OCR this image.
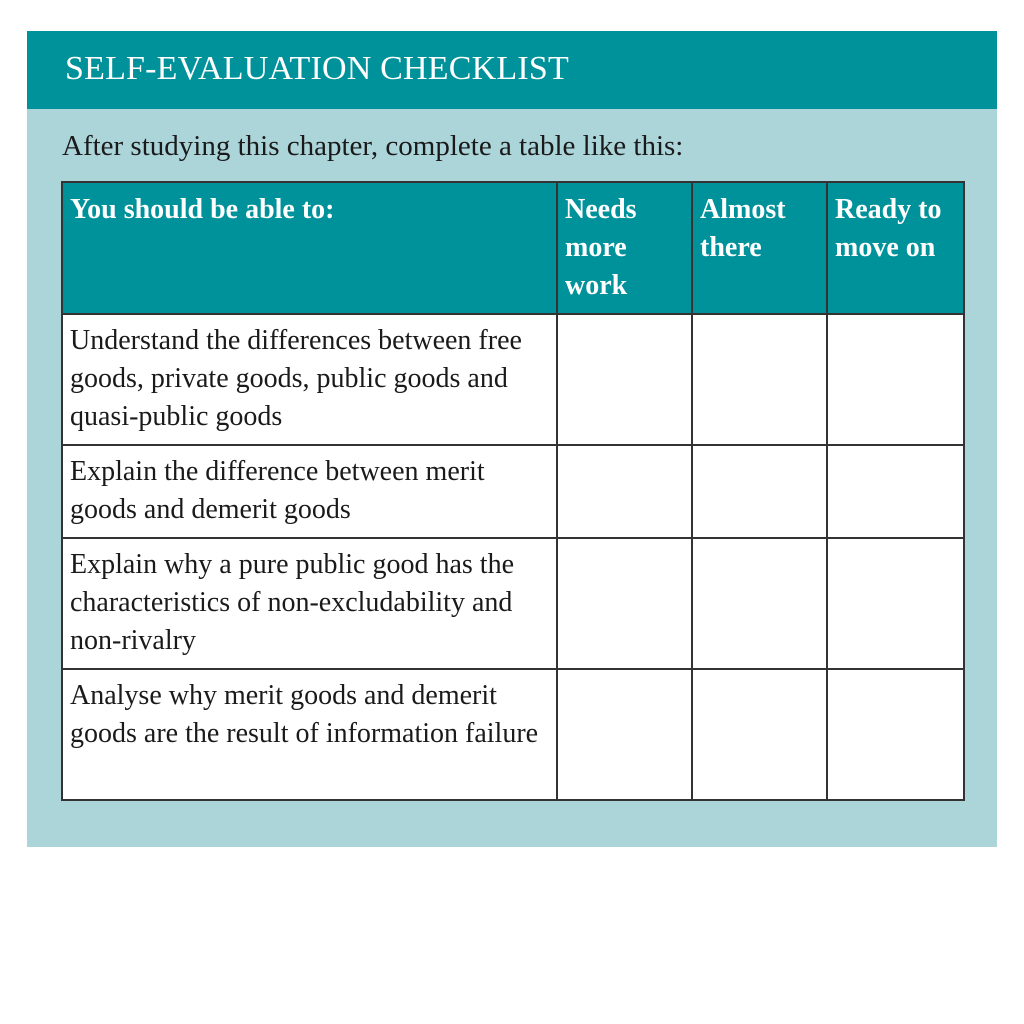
SELF-EVALUATION CHECKLIST

After studying this chapter, complete a table like this:

You should be able to:	Needs more work	Almost there	Ready to move on
Understand the differences between free goods, private goods, public goods and quasi-public goods			
Explain the difference between merit goods and demerit goods			
Explain why a pure public good has the characteristics of non-excludability and non-rivalry			
Analyse why merit goods and demerit goods are the result of information failure			
